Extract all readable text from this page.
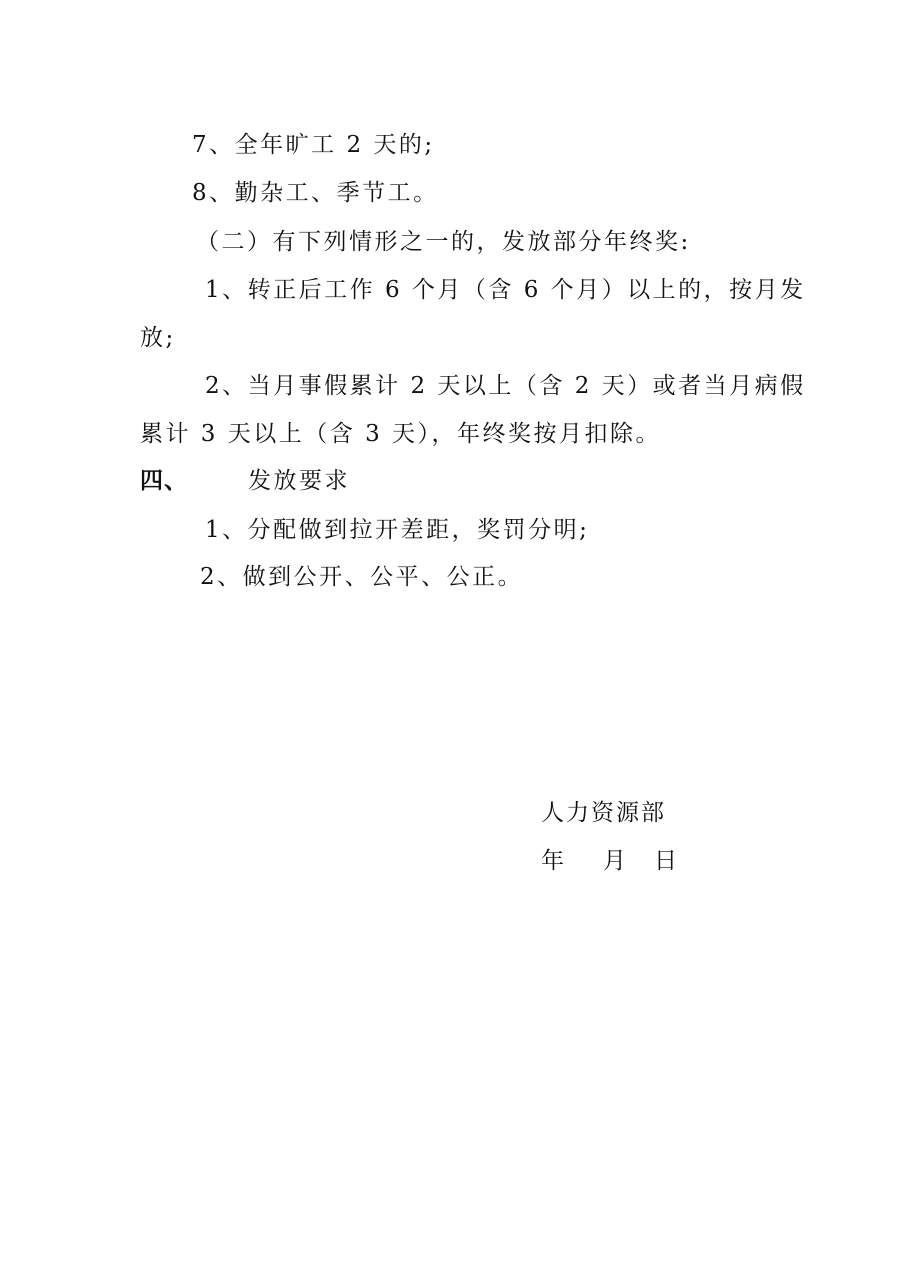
7、全年旷工 2 天的;
8、勤杂工、季节工。
（二）有下列情形之一的，发放部分年终奖:
1、转正后工作 6 个月（含 6 个月）以上的，按月发
放;
2、当月事假累计 2 天以上（含 2 天）或者当月病假
累计 3 天以上（含 3 天），年终奖按月扣除。
四、	发放要求
1、分配做到拉开差距，奖罚分明;
2、做到公开、公平、公正。
人力资源部
年 月 日
